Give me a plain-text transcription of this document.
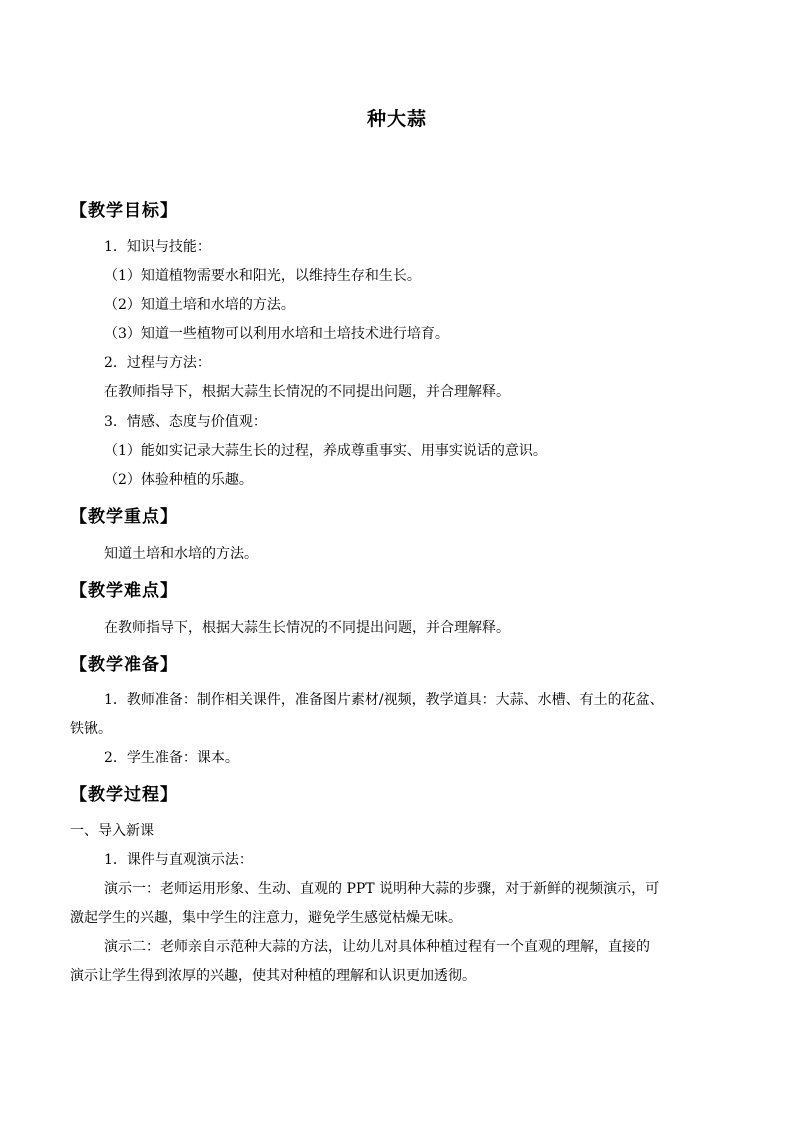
种大蒜
【教学目标】
1．知识与技能：
（1）知道植物需要水和阳光，以维持生存和生长。
（2）知道土培和水培的方法。
（3）知道一些植物可以利用水培和土培技术进行培育。
2．过程与方法：
在教师指导下，根据大蒜生长情况的不同提出问题，并合理解释。
3．情感、态度与价值观：
（1）能如实记录大蒜生长的过程，养成尊重事实、用事实说话的意识。
（2）体验种植的乐趣。
【教学重点】
知道土培和水培的方法。
【教学难点】
在教师指导下，根据大蒜生长情况的不同提出问题，并合理解释。
【教学准备】
1．教师准备：制作相关课件，准备图片素材/视频，教学道具：大蒜、水槽、有土的花盆、
铁锹。
2．学生准备：课本。
【教学过程】
一、导入新课
1．课件与直观演示法：
演示一：老师运用形象、生动、直观的 PPT 说明种大蒜的步骤，对于新鲜的视频演示，可
激起学生的兴趣，集中学生的注意力，避免学生感觉枯燥无味。
演示二：老师亲自示范种大蒜的方法，让幼儿对具体种植过程有一个直观的理解，直接的
演示让学生得到浓厚的兴趣，使其对种植的理解和认识更加透彻。
